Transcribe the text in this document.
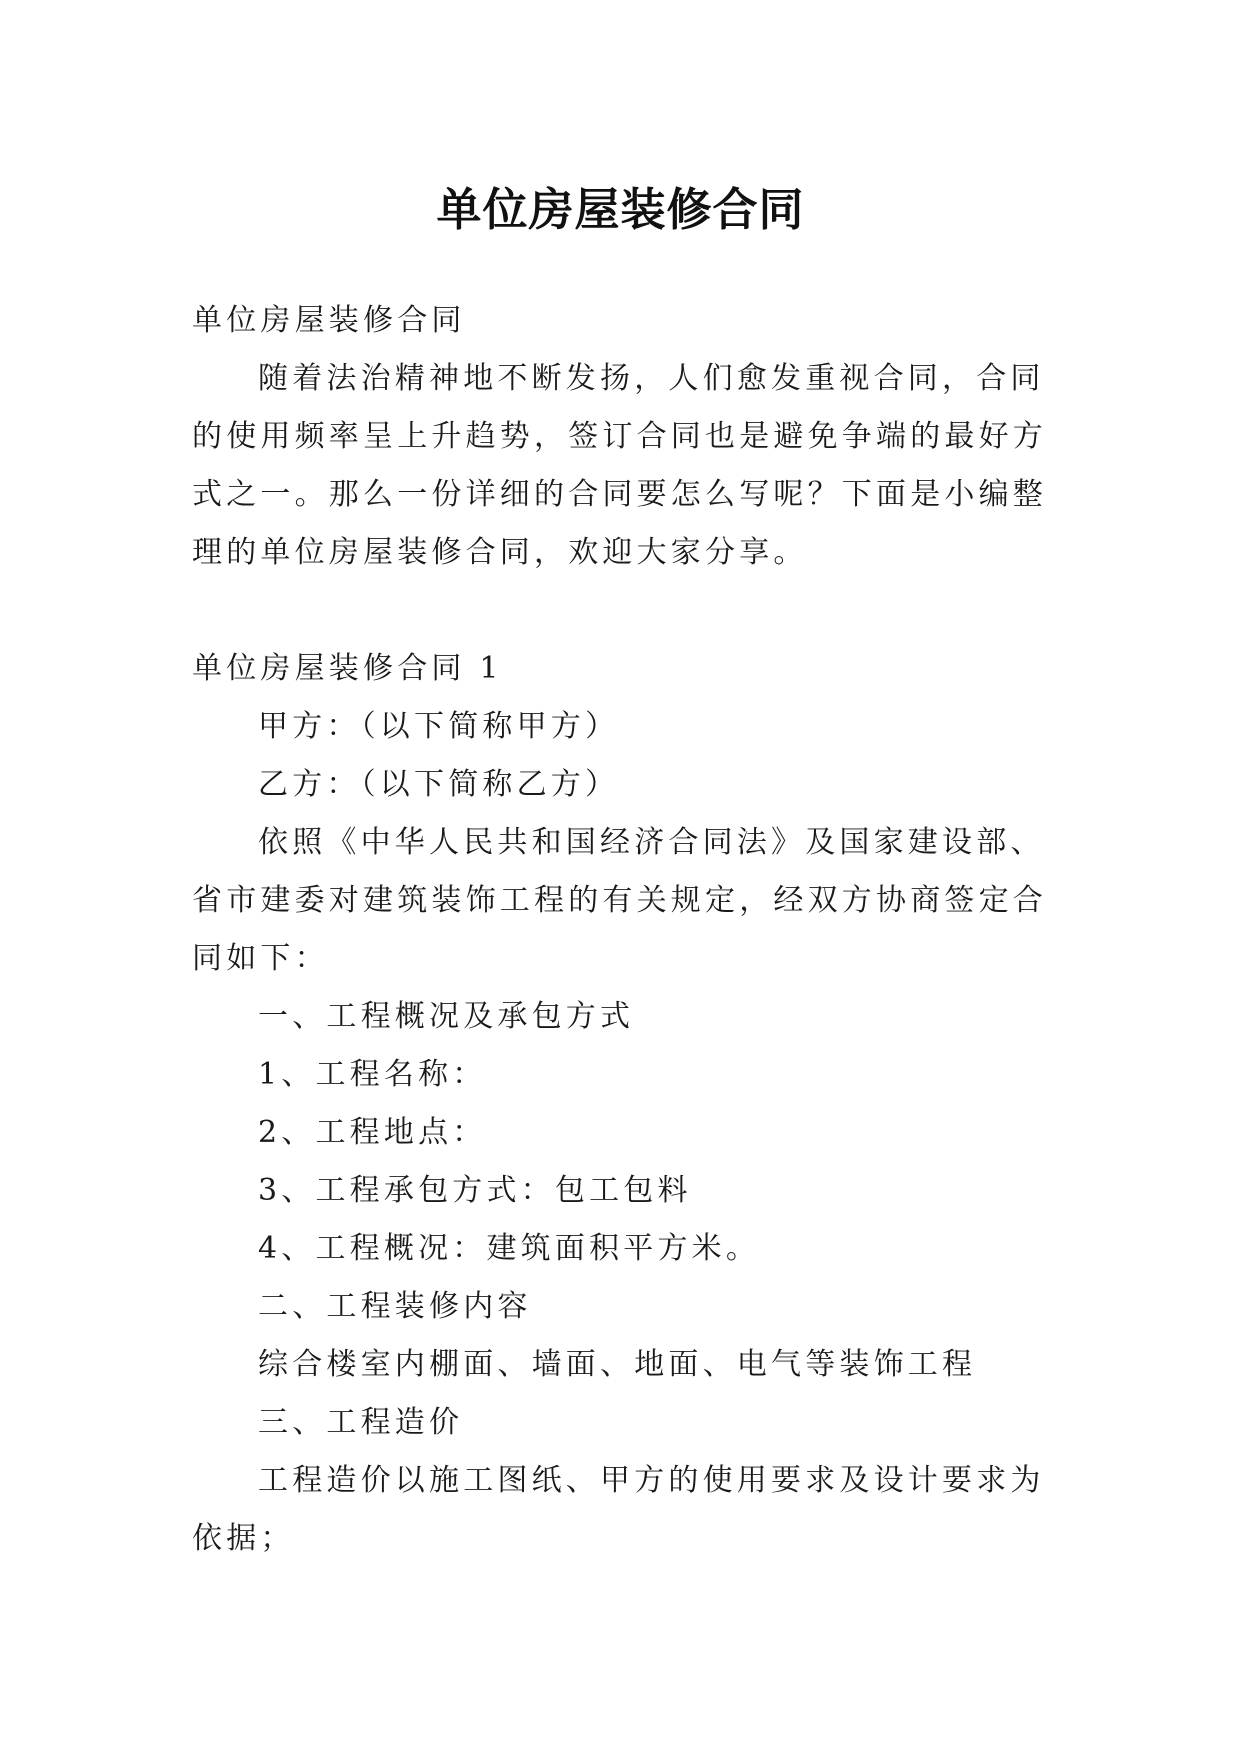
单位房屋装修合同

单位房屋装修合同

随着法治精神地不断发扬，人们愈发重视合同，合同的使用频率呈上升趋势，签订合同也是避免争端的最好方式之一。那么一份详细的合同要怎么写呢？下面是小编整理的单位房屋装修合同，欢迎大家分享。

单位房屋装修合同 1

甲方：（以下简称甲方）

乙方：（以下简称乙方）

依照《中华人民共和国经济合同法》及国家建设部、省市建委对建筑装饰工程的有关规定，经双方协商签定合同如下：

一、工程概况及承包方式

1、工程名称：

2、工程地点：

3、工程承包方式：包工包料

4、工程概况：建筑面积平方米。

二、工程装修内容

综合楼室内棚面、墙面、地面、电气等装饰工程

三、工程造价

工程造价以施工图纸、甲方的使用要求及设计要求为依据；
